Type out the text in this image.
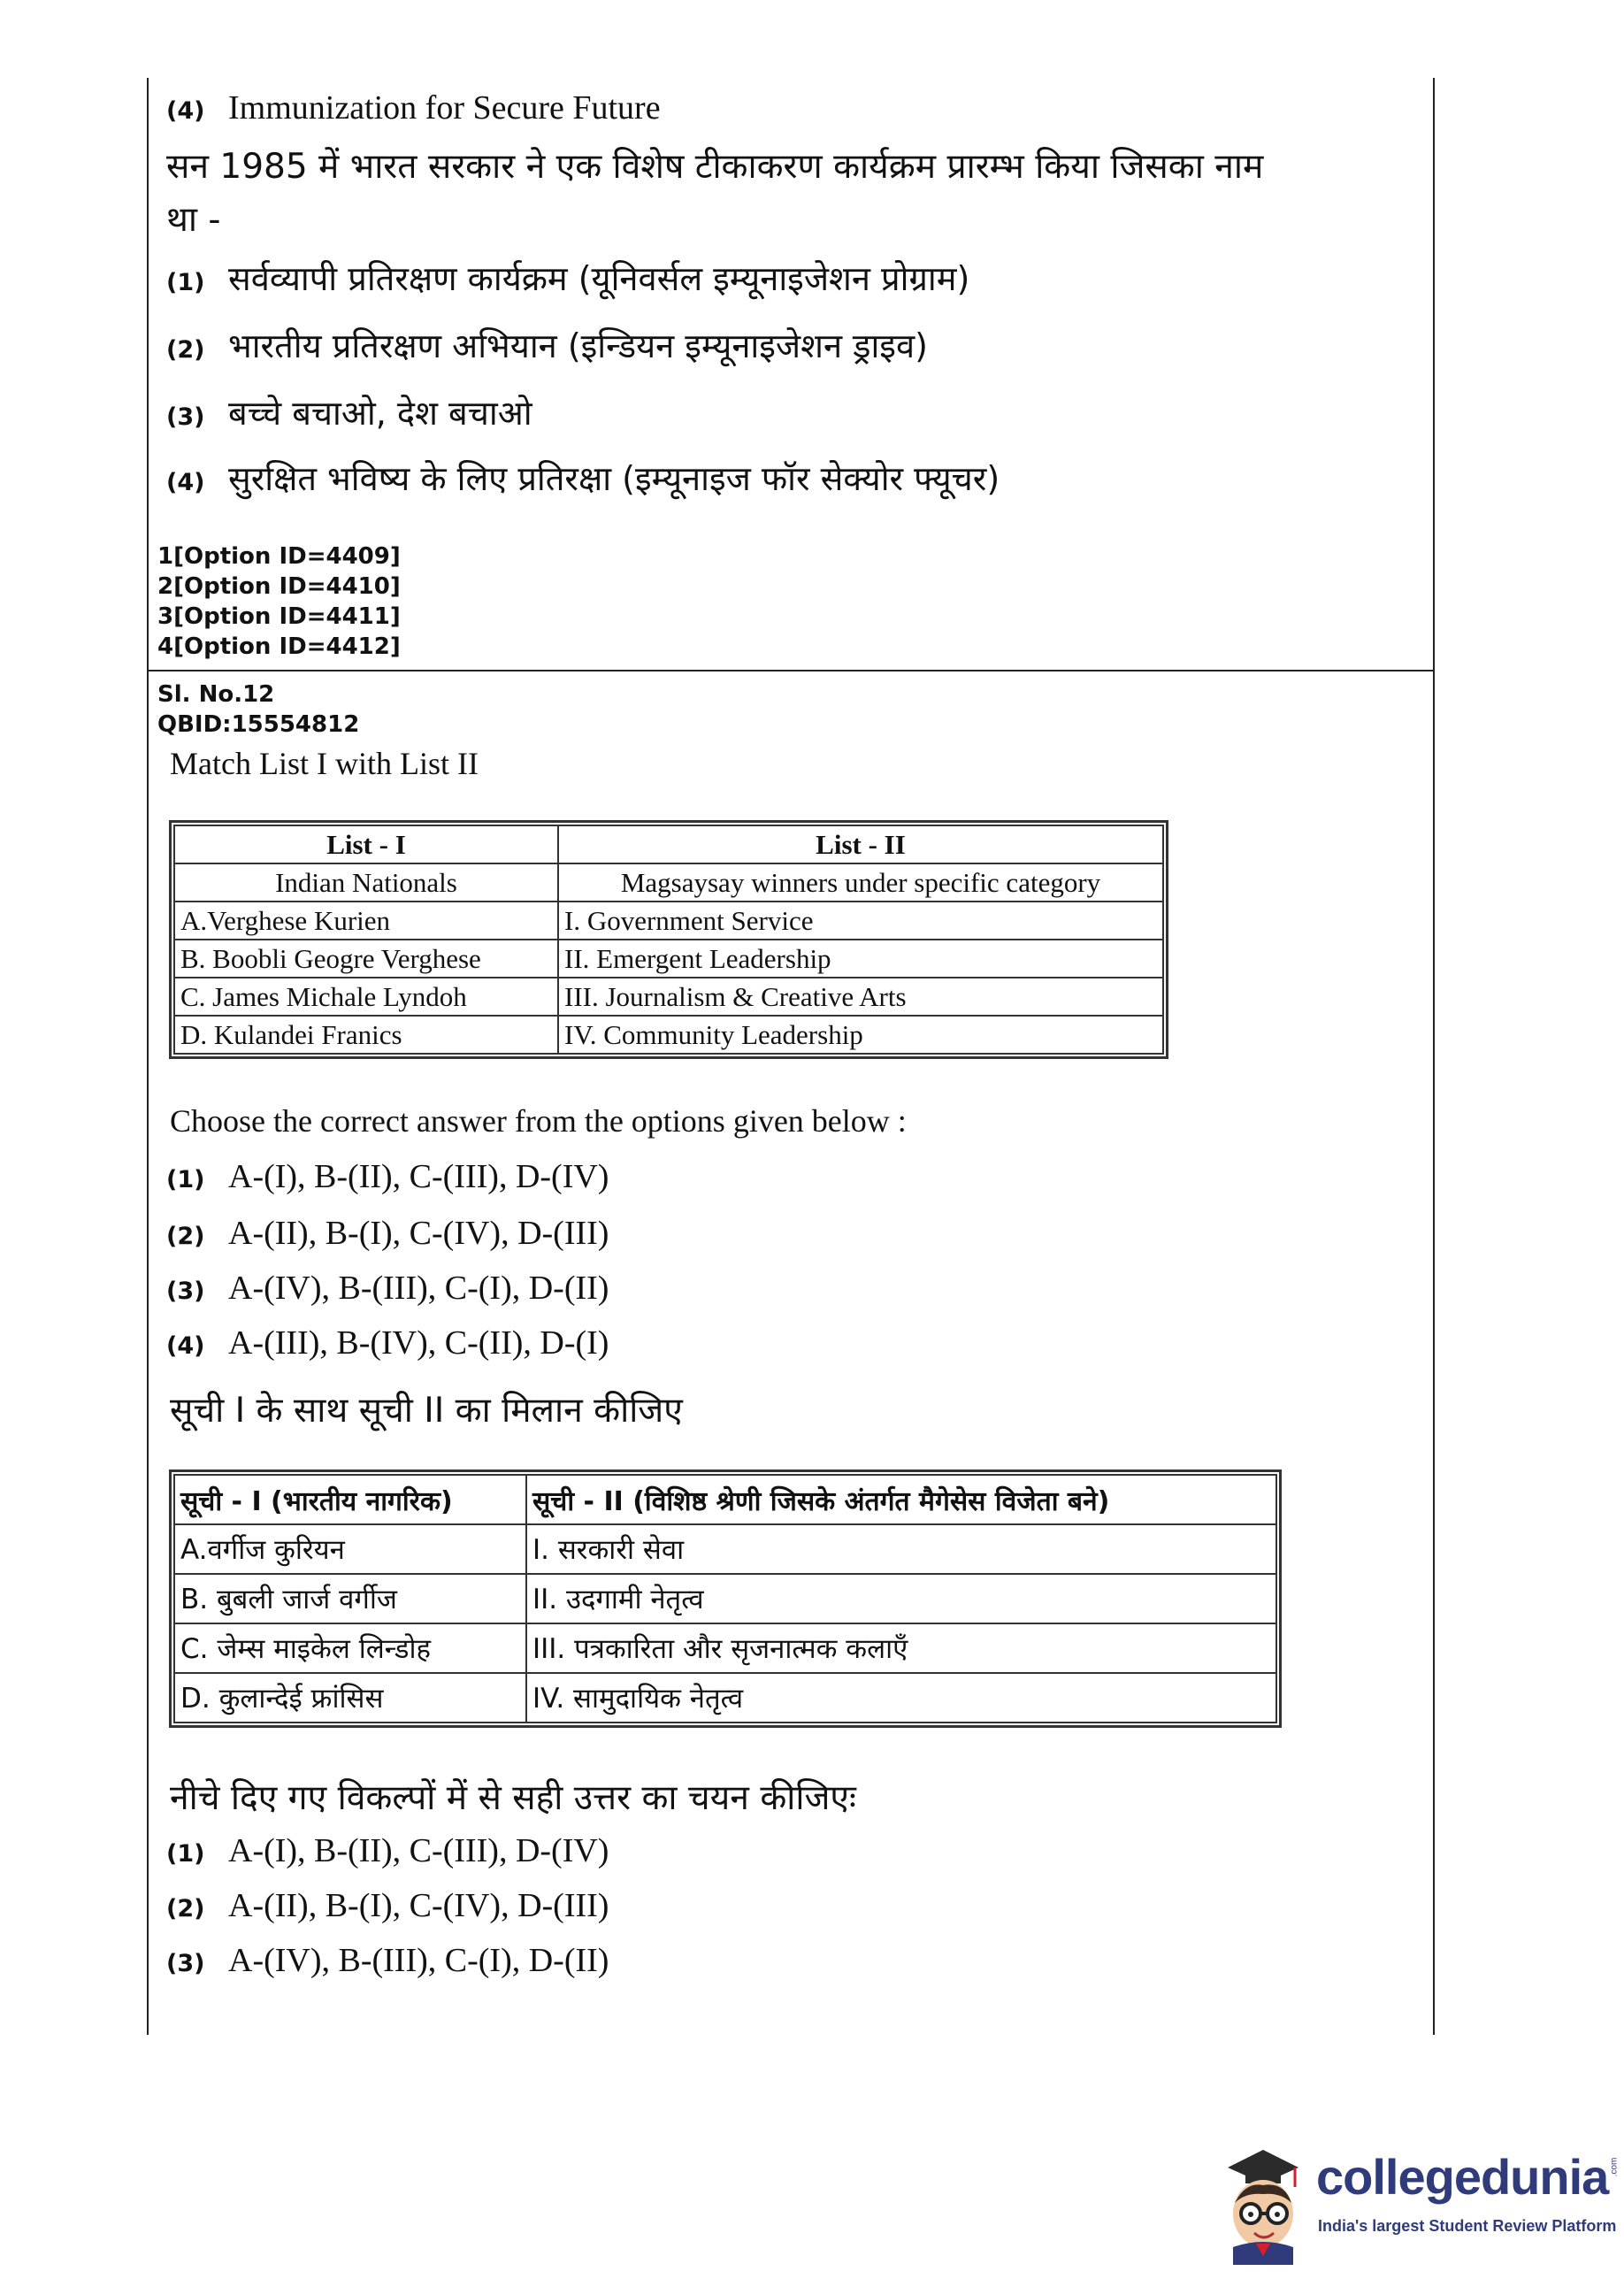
(4) Immunization for Secure Future
सन 1985 में भारत सरकार ने एक विशेष टीकाकरण कार्यक्रम प्रारम्भ किया जिसका नाम
था -
(1) सर्वव्यापी प्रतिरक्षण कार्यक्रम (यूनिवर्सल इम्यूनाइजेशन प्रोग्राम)
(2) भारतीय प्रतिरक्षण अभियान (इन्डियन इम्यूनाइजेशन ड्राइव)
(3) बच्चे बचाओ, देश बचाओ
(4) सुरक्षित भविष्य के लिए प्रतिरक्षा (इम्यूनाइज फॉर सेक्योर फ्यूचर)
1[Option ID=4409]
2[Option ID=4410]
3[Option ID=4411]
4[Option ID=4412]
Sl. No.12
QBID:15554812
Match List I with List II
List - I	List - II
Indian Nationals	Magsaysay winners under specific category
A.Verghese Kurien	I. Government Service
B. Boobli Geogre Verghese	II. Emergent Leadership
C. James Michale Lyndoh	III. Journalism & Creative Arts
D. Kulandei Franics	IV. Community Leadership
Choose the correct answer from the options given below :
(1) A-(I), B-(II), C-(III), D-(IV)
(2) A-(II), B-(I), C-(IV), D-(III)
(3) A-(IV), B-(III), C-(I), D-(II)
(4) A-(III), B-(IV), C-(II), D-(I)
सूची I के साथ सूची II का मिलान कीजिए
सूची - I (भारतीय नागरिक)	सूची - II (विशिष्ठ श्रेणी जिसके अंतर्गत मैगेसेस विजेता बने)
A.वर्गीज कुरियन	I. सरकारी सेवा
B. बुबली जार्ज वर्गीज	II. उदगामी नेतृत्व
C. जेम्स माइकेल लिन्डोह	III. पत्रकारिता और सृजनात्मक कलाएँ
D. कुलान्देई फ्रांसिस	IV. सामुदायिक नेतृत्व
नीचे दिए गए विकल्पों में से सही उत्तर का चयन कीजिएः
(1) A-(I), B-(II), C-(III), D-(IV)
(2) A-(II), B-(I), C-(IV), D-(III)
(3) A-(IV), B-(III), C-(I), D-(II)
collegedunia .com
India's largest Student Review Platform
